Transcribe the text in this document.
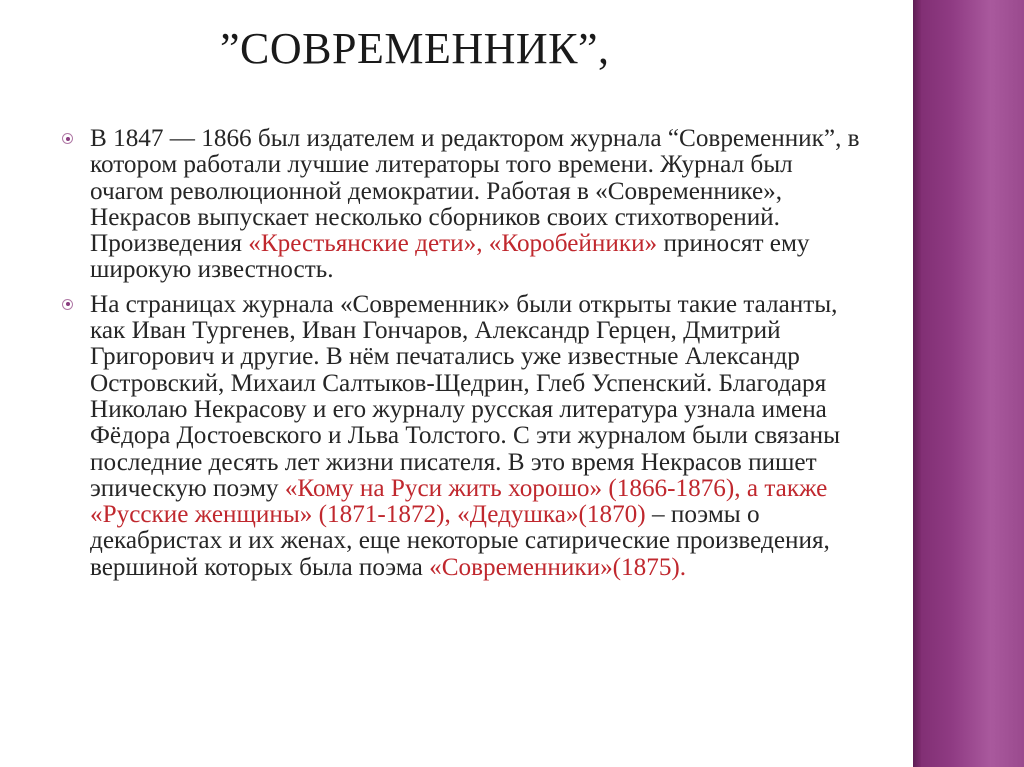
”СОВРЕМЕННИК”,
В 1847 — 1866 был издателем и редактором журнала “Современник”, в котором работали лучшие литераторы того времени. Журнал был очагом революционной демократии. Работая в «Современнике», Некрасов выпускает несколько сборников своих стихотворений. Произведения «Крестьянские дети», «Коробейники» приносят ему широкую известность.
На страницах журнала «Современник» были открыты такие таланты, как Иван Тургенев, Иван Гончаров, Александр Герцен, Дмитрий Григорович и другие. В нём печатались уже известные Александр Островский, Михаил Салтыков-Щедрин, Глеб Успенский. Благодаря Николаю Некрасову и его журналу русская литература узнала имена Фёдора Достоевского и Льва Толстого. С эти журналом были связаны последние десять лет жизни писателя. В это время Некрасов пишет эпическую поэму «Кому на Руси жить хорошо» (1866-1876), а также «Русские женщины» (1871-1872), «Дедушка»(1870) – поэмы о декабристах и их женах, еще некоторые сатирические произведения, вершиной которых была поэма «Современники»(1875).
